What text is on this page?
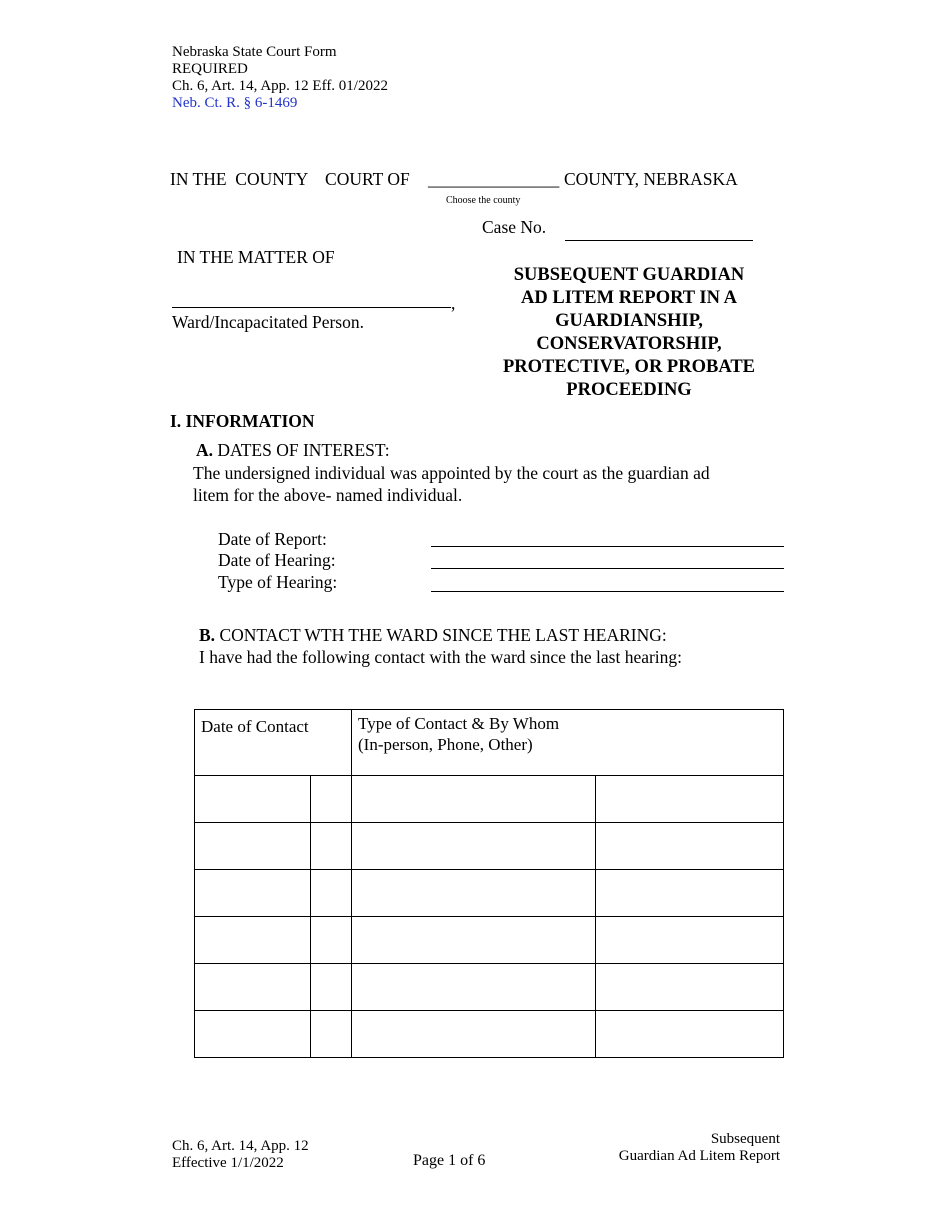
Nebraska State Court Form
REQUIRED
Ch. 6, Art. 14, App. 12 Eff. 01/2022
Neb. Ct. R. § 6-1469
IN THE  COUNTY    COURT OF _______________ COUNTY, NEBRASKA
Choose the county
Case No.
IN THE MATTER OF
,
Ward/Incapacitated Person.
SUBSEQUENT GUARDIAN
AD LITEM REPORT IN A
GUARDIANSHIP,
CONSERVATORSHIP,
PROTECTIVE, OR PROBATE
PROCEEDING
I. INFORMATION
A. DATES OF INTEREST:
The undersigned individual was appointed by the court as the guardian ad
litem for the above- named individual.
Date of Report:
Date of Hearing:
Type of Hearing:
B. CONTACT WTH THE WARD SINCE THE LAST HEARING:
I have had the following contact with the ward since the last hearing:
Date of Contact		Type of Contact & By Whom
(In-person, Phone, Other)	

Ch. 6, Art. 14, App. 12
Effective 1/1/2022	Page 1 of 6
Subsequent
Guardian Ad Litem Report
